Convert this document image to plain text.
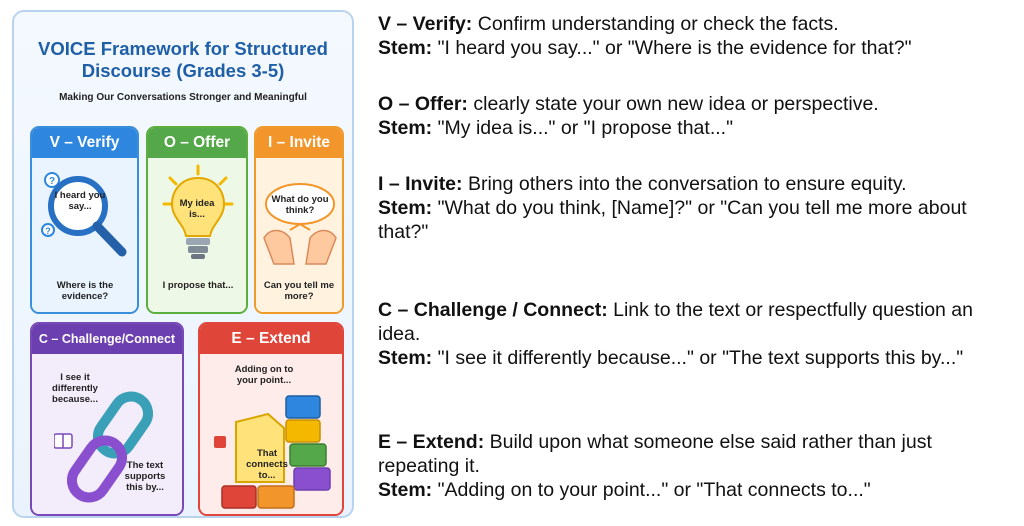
VOICE Framework for Structured
Discourse (Grades 3-5)
Making Our Conversations Stronger and Meaningful
V – Verify
?
?
I heard you say...
Where is the evidence?
O – Offer
My idea is...
I propose that...
I – Invite
What do you think?
Can you tell me more?
C – Challenge/Connect
I see it differently because...
The text supports this by...
E – Extend
Adding on to your point...
That connects to...
V – Verify: Confirm understanding or check the facts.
Stem: "I heard you say..." or "Where is the evidence for that?"
O – Offer: clearly state your own new idea or perspective.
Stem: "My idea is..." or "I propose that..."
I – Invite: Bring others into the conversation to ensure equity.
Stem: "What do you think, [Name]?" or "Can you tell me more about that?"
C – Challenge / Connect: Link to the text or respectfully question an idea.
Stem: "I see it differently because..." or "The text supports this by..."
E – Extend: Build upon what someone else said rather than just repeating it.
Stem: "Adding on to your point..." or "That connects to..."
